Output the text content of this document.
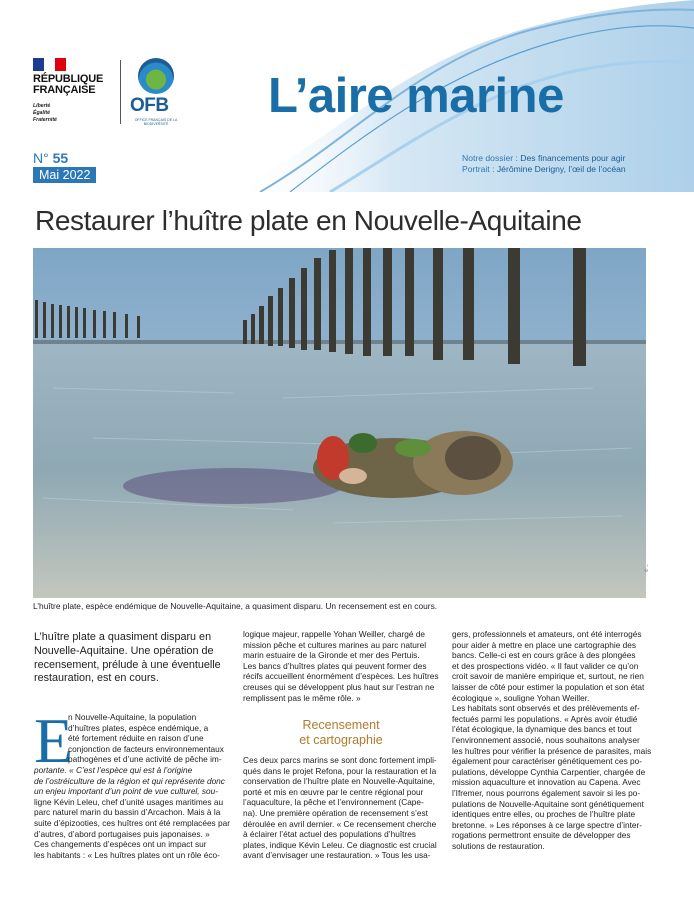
RÉPUBLIQUE
FRANÇAISE
Liberté
Égalité
Fraternité
OFB
OFFICE FRANÇAIS DE LA BIODIVERSITÉ
L’aire marine
N° 55
Mai 2022
Notre dossier : Des financements pour agir
Portrait : Jérômine Derigny, l’œil de l’océan
Restaurer l’huître plate en Nouvelle-Aquitaine
© ...
L’huître plate, espèce endémique de Nouvelle-Aquitaine, a quasiment disparu. Un recensement est en cours.
L’huître plate a quasiment disparu en Nouvelle-Aquitaine. Une opération de recensement, prélude à une éventuelle restauration, est en cours.
E
n Nouvelle-Aquitaine, la population
d’huîtres plates, espèce endémique, a
été fortement réduite en raison d’une
conjonction de facteurs environnementaux
pathogènes et d’une activité de pêche im-
portante. « C’est l’espèce qui est à l’origine
de l’ostréiculture de la région et qui représente donc
un enjeu important d’un point de vue culturel, sou-
ligne Kévin Leleu, chef d’unité usages maritimes au
parc naturel marin du bassin d’Arcachon. Mais à la
suite d’épizooties, ces huîtres ont été remplacées par
d’autres, d’abord portugaises puis japonaises. »
Ces changements d’espèces ont un impact sur
les habitants : « Les huîtres plates ont un rôle éco-
logique majeur, rappelle Yohan Weiller, chargé de
mission pêche et cultures marines au parc naturel
marin estuaire de la Gironde et mer des Pertuis.
Les bancs d’huîtres plates qui peuvent former des
récifs accueillent énormément d’espèces. Les huîtres
creuses qui se développent plus haut sur l’estran ne
remplissent pas le même rôle. »
Recensement
et cartographie
Ces deux parcs marins se sont donc fortement impli-
qués dans le projet Refona, pour la restauration et la
conservation de l’huître plate en Nouvelle-Aquitaine,
porté et mis en œuvre par le centre régional pour
l’aquaculture, la pêche et l’environnement (Cape-
na). Une première opération de recensement s’est
déroulée en avril dernier. « Ce recensement cherche
à éclairer l’état actuel des populations d’huîtres
plates, indique Kévin Leleu. Ce diagnostic est crucial
avant d’envisager une restauration. » Tous les usa-
gers, professionnels et amateurs, ont été interrogés
pour aider à mettre en place une cartographie des
bancs. Celle-ci est en cours grâce à des plongées
et des prospections vidéo. « Il faut valider ce qu’on
croit savoir de manière empirique et, surtout, ne rien
laisser de côté pour estimer la population et son état
écologique », souligne Yohan Weiller.
Les habitats sont observés et des prélèvements ef-
fectués parmi les populations. « Après avoir étudié
l’état écologique, la dynamique des bancs et tout
l’environnement associé, nous souhaitons analyser
les huîtres pour vérifier la présence de parasites, mais
également pour caractériser génétiquement ces po-
pulations, développe Cynthia Carpentier, chargée de
mission aquaculture et innovation au Capena. Avec
l’Ifremer, nous pourrons également savoir si les po-
pulations de Nouvelle-Aquitaine sont génétiquement
identiques entre elles, ou proches de l’huître plate
bretonne. » Les réponses à ce large spectre d’inter-
rogations permettront ensuite de développer des
solutions de restauration.
